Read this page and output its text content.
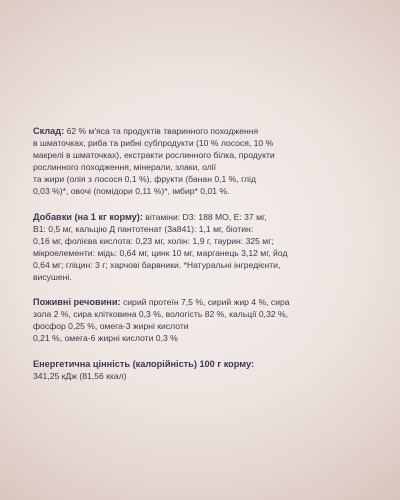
Склад: 62 % м'яса та продуктів тваринного походження
в шматочках, риба та рибні субпродукти (10 % лосося, 10 %
макрелі в шматочках), екстракти рослинного білка, продукти
рослинного походження, мінерали, злаки, олії
та жири (олія з лосося 0,1 %), фрукти (банан 0,1 %, глід
0,03 %)*, овочі (помідори 0,11 %)*, імбир* 0,01 %.

Добавки (на 1 кг корму): вітаміни: D3: 188 МО, Е: 37 мг,
В1: 0,5 мг, кальцію Д пантотенат (3а841): 1,1 мг, біотин:
0,16 мг, фолієва кислота: 0,23 мг, холін: 1,9 г, таурин: 325 мг;
мікроелементи: мідь: 0,64 мг, цинк 10 мг, марганець 3,12 мг, йод
0,64 мг; гліцин: 3 г; харчові барвники. *Натуральні інгредієнти,
висушені.

Поживні речовини: сирий протеїн 7,5 %, сирий жир 4 %, сира
зола 2 %, сира клітковина 0,3 %, вологість 82 %, кальції 0,32 %,
фосфор 0,25 %, омега-3 жирні кислоти
0,21 %, омега-6 жирні кислоти 0,3 %

Енергетична цінність (калорійність) 100 г корму:
341,25 кДж (81,56 ккал)
